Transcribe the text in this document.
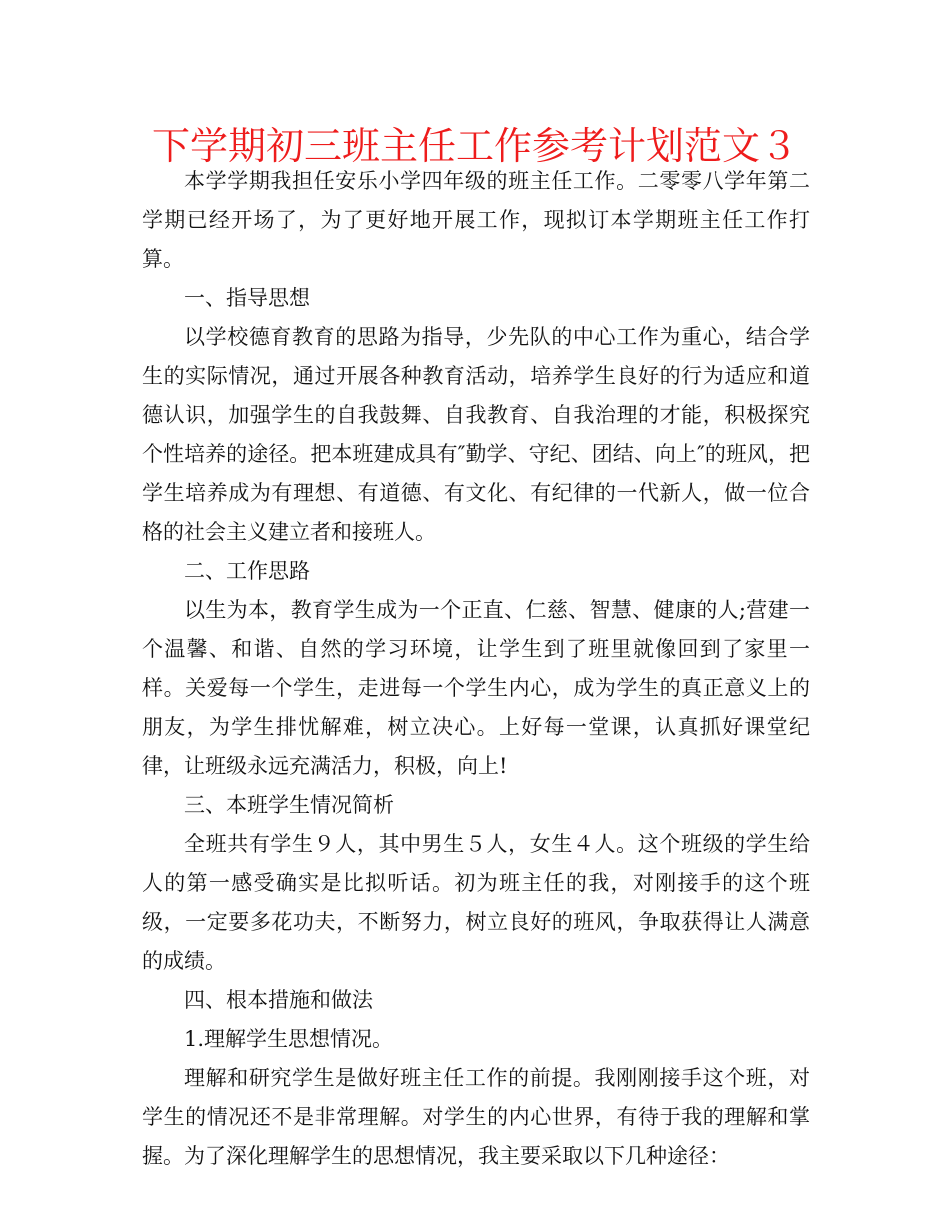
下学期初三班主任工作参考计划范文３

本学学期我担任安乐小学四年级的班主任工作。二零零八学年第二学期已经开场了，为了更好地开展工作，现拟订本学期班主任工作打算。

一、指导思想

以学校德育教育的思路为指导，少先队的中心工作为重心，结合学生的实际情况，通过开展各种教育活动，培养学生良好的行为适应和道德认识，加强学生的自我鼓舞、自我教育、自我治理的才能，积极探究个性培养的途径。把本班建成具有″勤学、守纪、团结、向上″的班风，把学生培养成为有理想、有道德、有文化、有纪律的一代新人，做一位合格的社会主义建立者和接班人。

二、工作思路

以生为本，教育学生成为一个正直、仁慈、智慧、健康的人;营建一个温馨、和谐、自然的学习环境，让学生到了班里就像回到了家里一样。关爱每一个学生，走进每一个学生内心，成为学生的真正意义上的朋友，为学生排忧解难，树立决心。上好每一堂课，认真抓好课堂纪律，让班级永远充满活力，积极，向上!

三、本班学生情况简析

全班共有学生９人，其中男生５人，女生４人。这个班级的学生给人的第一感受确实是比拟听话。初为班主任的我，对刚接手的这个班级，一定要多花功夫，不断努力，树立良好的班风，争取获得让人满意的成绩。

四、根本措施和做法

1.理解学生思想情况。

理解和研究学生是做好班主任工作的前提。我刚刚接手这个班，对学生的情况还不是非常理解。对学生的内心世界，有待于我的理解和掌握。为了深化理解学生的思想情况，我主要采取以下几种途径：
